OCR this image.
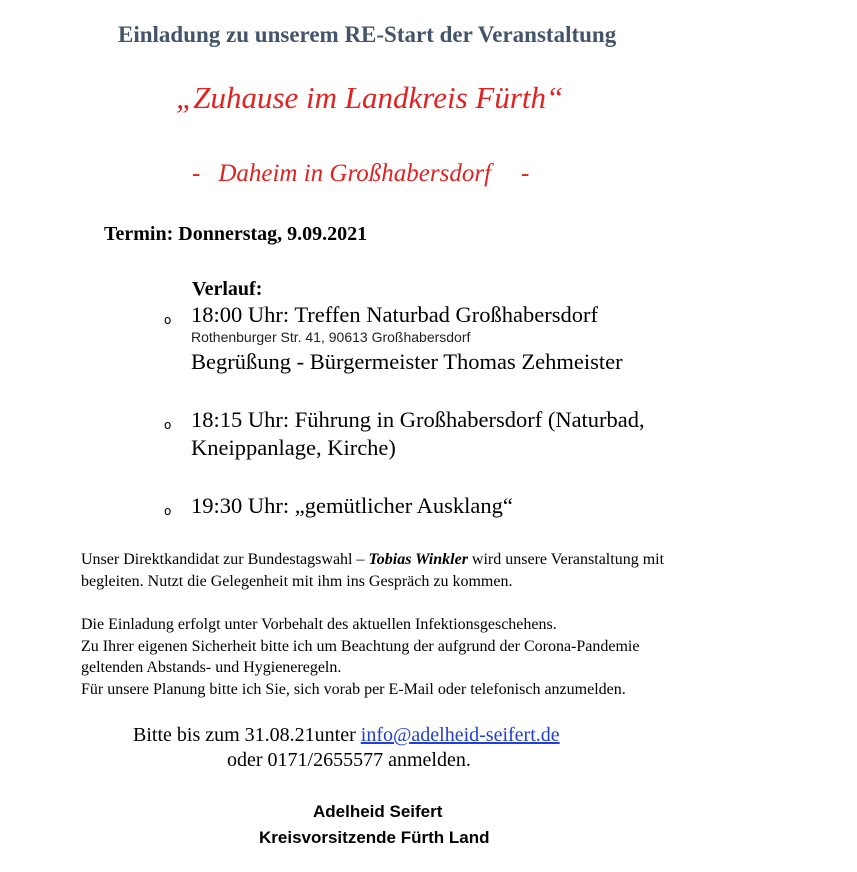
Einladung zu unserem RE-Start der Veranstaltung
„Zuhause im Landkreis Fürth“
- Daheim in Großhabersdorf -
Termin: Donnerstag, 9.09.2021
Verlauf:
o 18:00 Uhr: Treffen Naturbad Großhabersdorf
Rothenburger Str. 41, 90613 Großhabersdorf
Begrüßung - Bürgermeister Thomas Zehmeister
o 18:15 Uhr: Führung in Großhabersdorf (Naturbad,
Kneippanlage, Kirche)
o 19:30 Uhr: „gemütlicher Ausklang“
Unser Direktkandidat zur Bundestagswahl – Tobias Winkler wird unsere Veranstaltung mit
begleiten. Nutzt die Gelegenheit mit ihm ins Gespräch zu kommen.
Die Einladung erfolgt unter Vorbehalt des aktuellen Infektionsgeschehens.
Zu Ihrer eigenen Sicherheit bitte ich um Beachtung der aufgrund der Corona-Pandemie
geltenden Abstands- und Hygieneregeln.
Für unsere Planung bitte ich Sie, sich vorab per E-Mail oder telefonisch anzumelden.
Bitte bis zum 31.08.21unter info@adelheid-seifert.de
oder 0171/2655577 anmelden.
Adelheid Seifert
Kreisvorsitzende Fürth Land
